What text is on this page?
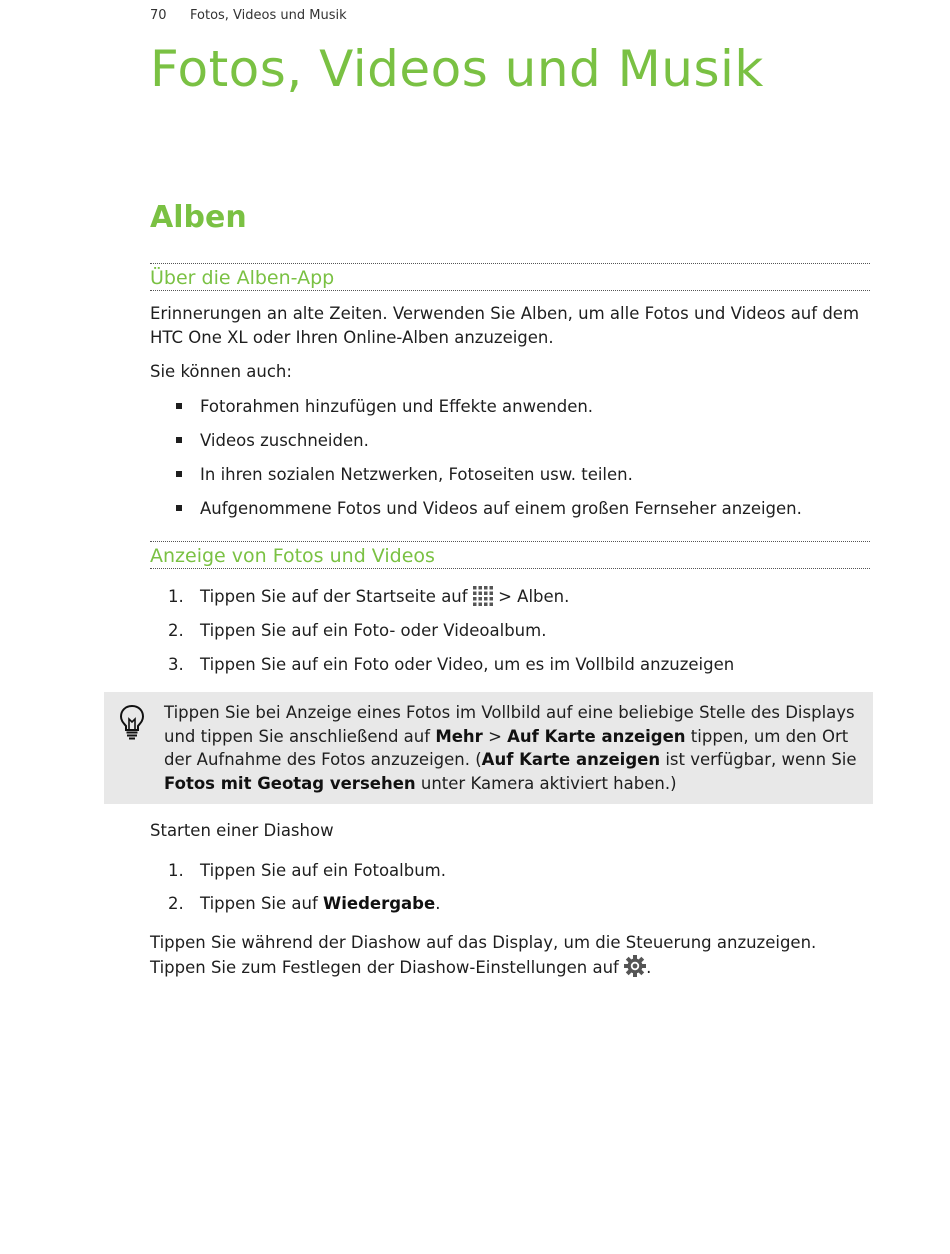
70 Fotos, Videos und Musik
Fotos, Videos und Musik
Alben
Über die Alben-App

Erinnerungen an alte Zeiten. Verwenden Sie Alben, um alle Fotos und Videos auf dem HTC One XL oder Ihren Online-Alben anzuzeigen.

Sie können auch:

Fotorahmen hinzufügen und Effekte anwenden.
Videos zuschneiden.
In ihren sozialen Netzwerken, Fotoseiten usw. teilen.
Aufgenommene Fotos und Videos auf einem großen Fernseher anzeigen.
Anzeige von Fotos und Videos
1. Tippen Sie auf der Startseite auf > Alben.
2. Tippen Sie auf ein Foto- oder Videoalbum.
3. Tippen Sie auf ein Foto oder Video, um es im Vollbild anzuzeigen

Tippen Sie bei Anzeige eines Fotos im Vollbild auf eine beliebige Stelle des Displays und tippen Sie anschließend auf Mehr > Auf Karte anzeigen tippen, um den Ort der Aufnahme des Fotos anzuzeigen. (Auf Karte anzeigen ist verfügbar, wenn Sie Fotos mit Geotag versehen unter Kamera aktiviert haben.)

Starten einer Diashow
1. Tippen Sie auf ein Fotoalbum.
2. Tippen Sie auf Wiedergabe.

Tippen Sie während der Diashow auf das Display, um die Steuerung anzuzeigen.
Tippen Sie zum Festlegen der Diashow-Einstellungen auf .
